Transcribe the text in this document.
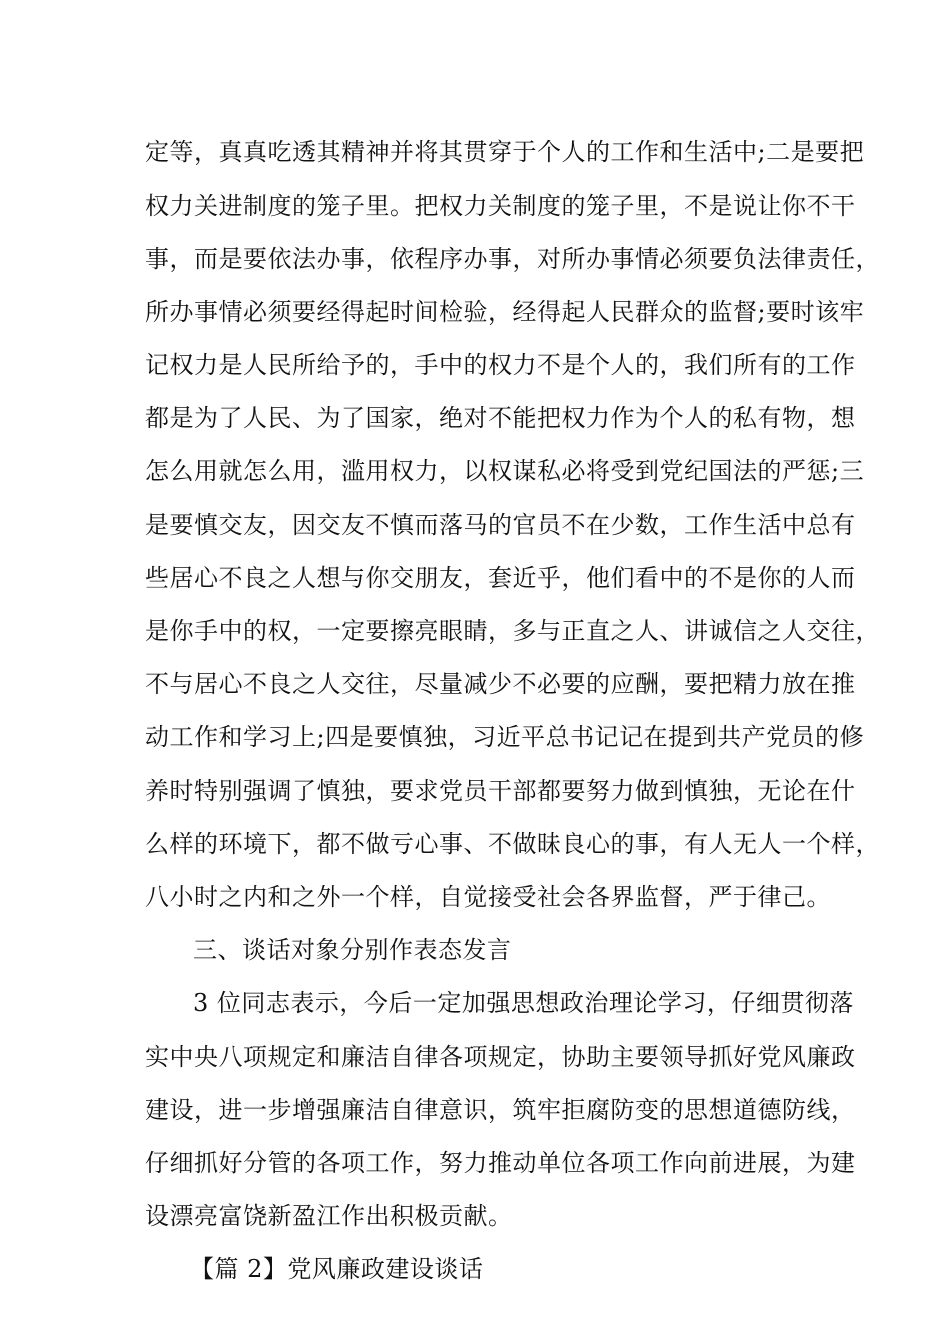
定等，真真吃透其精神并将其贯穿于个人的工作和生活中;二是要把
权力关进制度的笼子里。把权力关制度的笼子里，不是说让你不干
事，而是要依法办事，依程序办事，对所办事情必须要负法律责任，
所办事情必须要经得起时间检验，经得起人民群众的监督;要时该牢
记权力是人民所给予的，手中的权力不是个人的，我们所有的工作
都是为了人民、为了国家，绝对不能把权力作为个人的私有物，想
怎么用就怎么用，滥用权力，以权谋私必将受到党纪国法的严惩;三
是要慎交友，因交友不慎而落马的官员不在少数，工作生活中总有
些居心不良之人想与你交朋友，套近乎，他们看中的不是你的人而
是你手中的权，一定要擦亮眼睛，多与正直之人、讲诚信之人交往，
不与居心不良之人交往，尽量减少不必要的应酬，要把精力放在推
动工作和学习上;四是要慎独，习近平总书记记在提到共产党员的修
养时特别强调了慎独，要求党员干部都要努力做到慎独，无论在什
么样的环境下，都不做亏心事、不做昧良心的事，有人无人一个样，
八小时之内和之外一个样，自觉接受社会各界监督，严于律己。
三、谈话对象分别作表态发言
3 位同志表示，今后一定加强思想政治理论学习，仔细贯彻落
实中央八项规定和廉洁自律各项规定，协助主要领导抓好党风廉政
建设，进一步增强廉洁自律意识，筑牢拒腐防变的思想道德防线，
仔细抓好分管的各项工作，努力推动单位各项工作向前进展，为建
设漂亮富饶新盈江作出积极贡献。
【篇 2】党风廉政建设谈话
